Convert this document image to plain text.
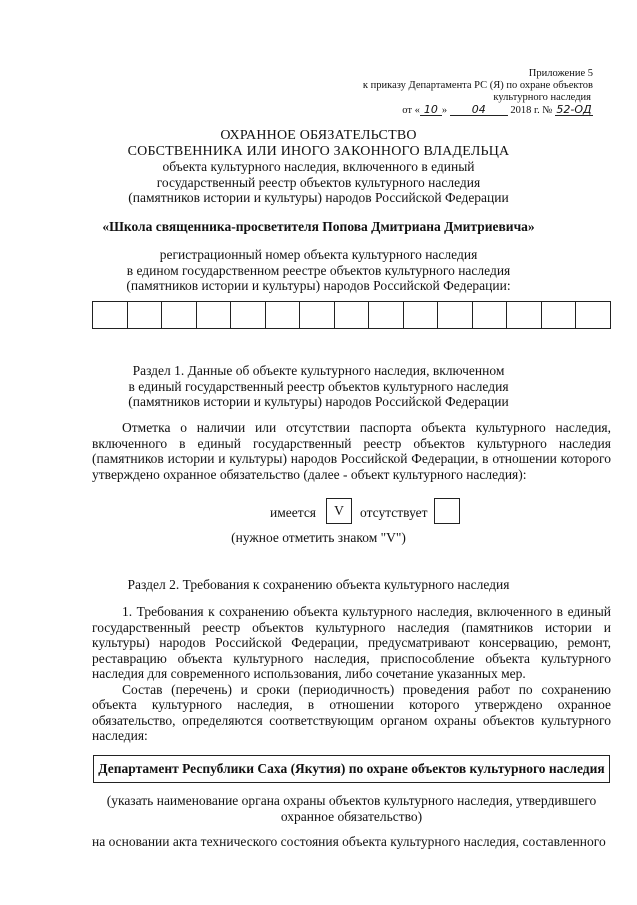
Приложение 5
к приказу Департамента РС (Я) по охране объектов
культурного наследия
от « 10 » 04 2018 г. № 52-ОД
ОХРАННОЕ ОБЯЗАТЕЛЬСТВО
СОБСТВЕННИКА ИЛИ ИНОГО ЗАКОННОГО ВЛАДЕЛЬЦА
объекта культурного наследия, включенного в единый
государственный реестр объектов культурного наследия
(памятников истории и культуры) народов Российской Федерации
«Школа священника-просветителя Попова Дмитриана Дмитриевича»
регистрационный номер объекта культурного наследия
в едином государственном реестре объектов культурного наследия
(памятников истории и культуры) народов Российской Федерации:
Раздел 1. Данные об объекте культурного наследия, включенном
в единый государственный реестр объектов культурного наследия
(памятников истории и культуры) народов Российской Федерации
Отметка о наличии или отсутствии паспорта объекта культурного наследия, включенного в единый государственный реестр объектов культурного наследия (памятников истории и культуры) народов Российской Федерации, в отношении которого утверждено охранное обязательство (далее - объект культурного наследия):
имеется	V	отсутствует
(нужное отметить знаком "V")
Раздел 2. Требования к сохранению объекта культурного наследия
1. Требования к сохранению объекта культурного наследия, включенного в единый государственный реестр объектов культурного наследия (памятников истории и культуры) народов Российской Федерации, предусматривают консервацию, ремонт, реставрацию объекта культурного наследия, приспособление объекта культурного наследия для современного использования, либо сочетание указанных мер.
Состав (перечень) и сроки (периодичность) проведения работ по сохранению объекта культурного наследия, в отношении которого утверждено охранное обязательство, определяются соответствующим органом охраны объектов культурного наследия:
Департамент Республики Саха (Якутия) по охране объектов культурного наследия
(указать наименование органа охраны объектов культурного наследия, утвердившего
охранное обязательство)
на основании акта технического состояния объекта культурного наследия, составленного
